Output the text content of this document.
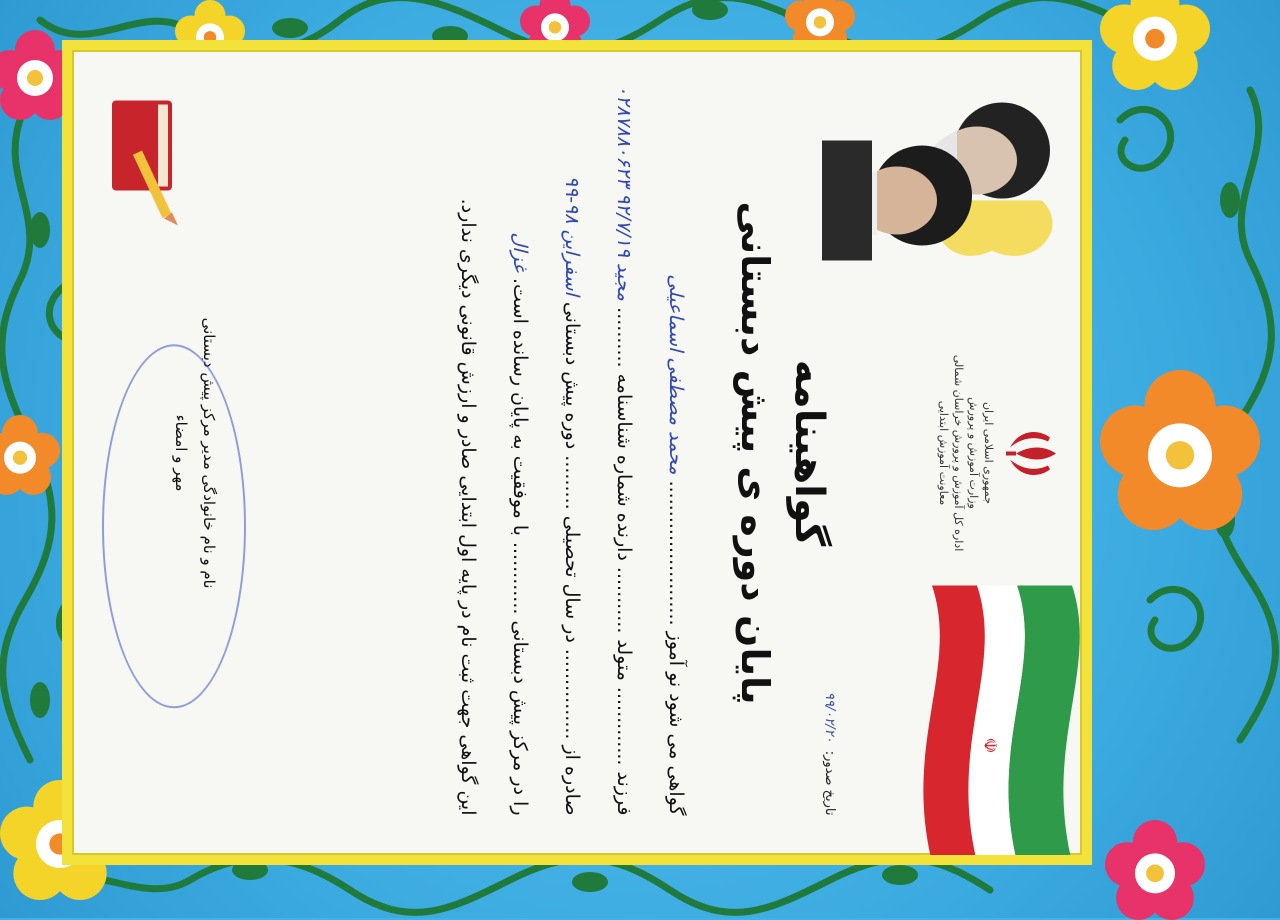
☫
جمهوری اسلامی ایران
وزارت آموزش و پرورش
اداره کل آموزش و پرورش خراسان شمالی
معاونت آموزش ابتدایی
تاریخ صدور: ۹۹/۰۲/۲۰
گواهینامه
پایان دوره ی پیش دبستانی
گواهی می شود نو آموز ........................ محمد مصطفی اسماعیلی
فرزند ............. متولد ........... دارنده شماره شناسنامه .......... مجید ۹۲/۷/۱۹ ۰۲۸۷۸۸۰۶۲۳
صادره از ............... در سال تحصیلی ......... دوره پیش دبستانی اسفراین ۹۸-۹۹
را در مرکز پیش دبستانی ............ با موفقیت به پایان رسانده است. غزال
این گواهی جهت ثبت نام در پایه اول ابتدایی صادر و ارزش قانونی دیگری ندارد.
نام و نام خانوادگی مدیر مرکز پیش دبستانی
مهر و امضاء
